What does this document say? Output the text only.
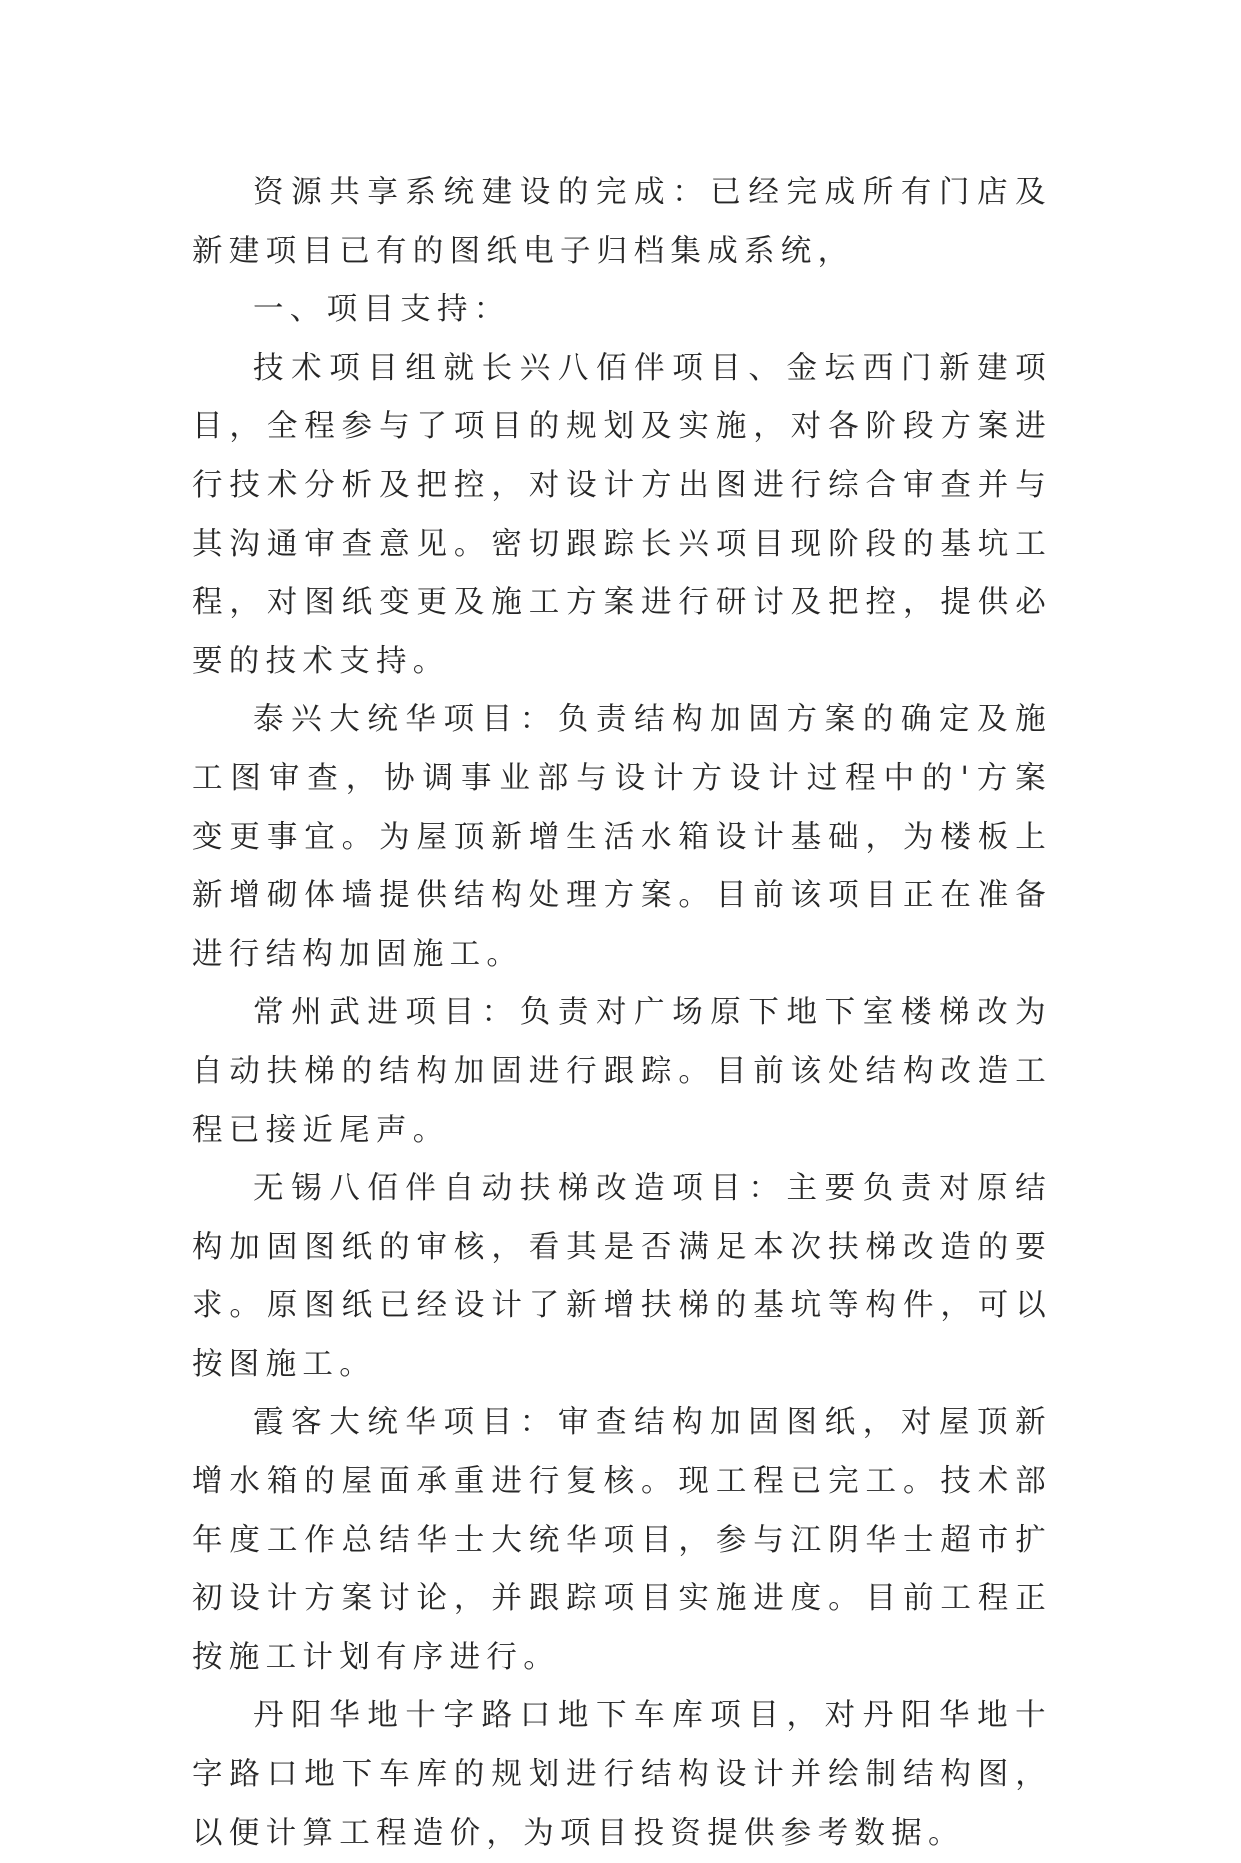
资源共享系统建设的完成：已经完成所有门店及新建项目已有的图纸电子归档集成系统，

一、项目支持：

技术项目组就长兴八佰伴项目、金坛西门新建项目，全程参与了项目的规划及实施，对各阶段方案进行技术分析及把控，对设计方出图进行综合审查并与其沟通审查意见。密切跟踪长兴项目现阶段的基坑工程，对图纸变更及施工方案进行研讨及把控，提供必要的技术支持。

泰兴大统华项目：负责结构加固方案的确定及施工图审查，协调事业部与设计方设计过程中的'方案变更事宜。为屋顶新增生活水箱设计基础，为楼板上新增砌体墙提供结构处理方案。目前该项目正在准备进行结构加固施工。

常州武进项目：负责对广场原下地下室楼梯改为自动扶梯的结构加固进行跟踪。目前该处结构改造工程已接近尾声。

无锡八佰伴自动扶梯改造项目：主要负责对原结构加固图纸的审核，看其是否满足本次扶梯改造的要求。原图纸已经设计了新增扶梯的基坑等构件，可以按图施工。

霞客大统华项目：审查结构加固图纸，对屋顶新增水箱的屋面承重进行复核。现工程已完工。技术部年度工作总结华士大统华项目，参与江阴华士超市扩初设计方案讨论，并跟踪项目实施进度。目前工程正按施工计划有序进行。

丹阳华地十字路口地下车库项目，对丹阳华地十字路口地下车库的规划进行结构设计并绘制结构图，以便计算工程造价，为项目投资提供参考数据。
